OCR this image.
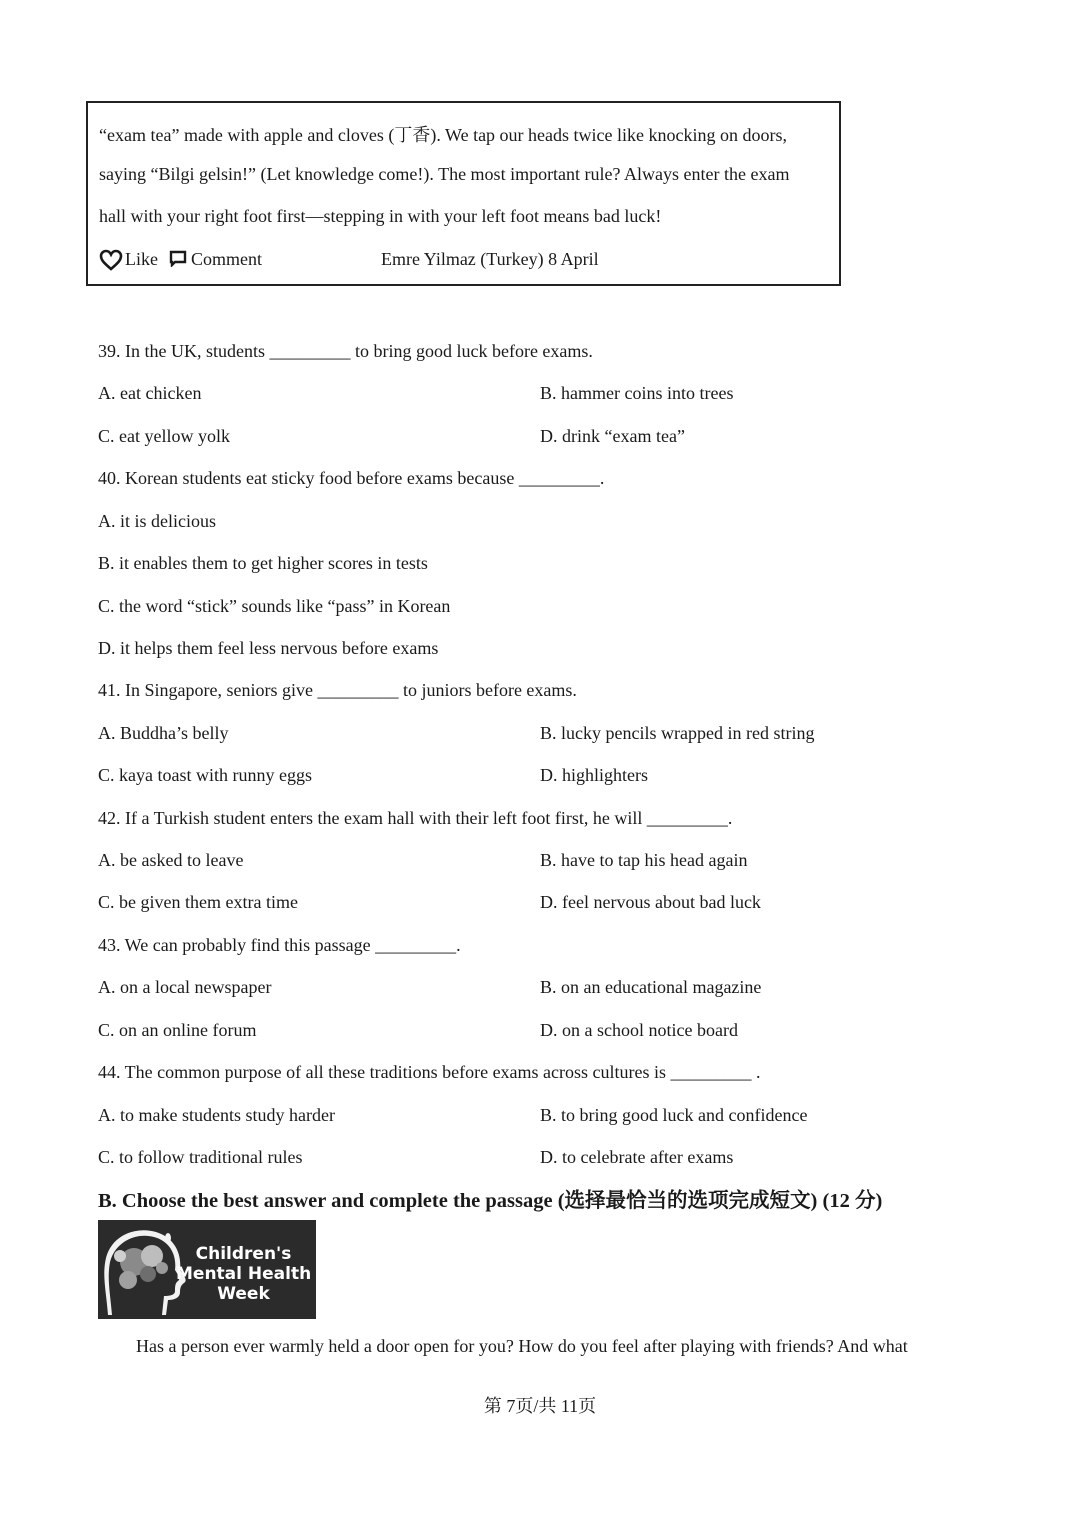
“exam tea” made with apple and cloves (丁香). We tap our heads twice like knocking on doors,
saying “Bilgi gelsin!” (Let knowledge come!). The most important rule? Always enter the exam
hall with your right foot first—stepping in with your left foot means bad luck!
Like Comment	Emre Yilmaz (Turkey) 8 April
39. In the UK, students _________ to bring good luck before exams.
A. eat chicken	B. hammer coins into trees
C. eat yellow yolk	D. drink “exam tea”
40. Korean students eat sticky food before exams because _________.
A. it is delicious
B. it enables them to get higher scores in tests
C. the word “stick” sounds like “pass” in Korean
D. it helps them feel less nervous before exams
41. In Singapore, seniors give _________ to juniors before exams.
A. Buddha’s belly	B. lucky pencils wrapped in red string
C. kaya toast with runny eggs	D. highlighters
42. If a Turkish student enters the exam hall with their left foot first, he will _________.
A. be asked to leave	B. have to tap his head again
C. be given them extra time	D. feel nervous about bad luck
43. We can probably find this passage _________.
A. on a local newspaper	B. on an educational magazine
C. on an online forum	D. on a school notice board
44. The common purpose of all these traditions before exams across cultures is _________ .
A. to make students study harder	B. to bring good luck and confidence
C. to follow traditional rules	D. to celebrate after exams
B. Choose the best answer and complete the passage (选择最恰当的选项完成短文) (12 分)
Children's
Mental Health
Week
Has a person ever warmly held a door open for you? How do you feel after playing with friends? And what
第 7页/共 11页
